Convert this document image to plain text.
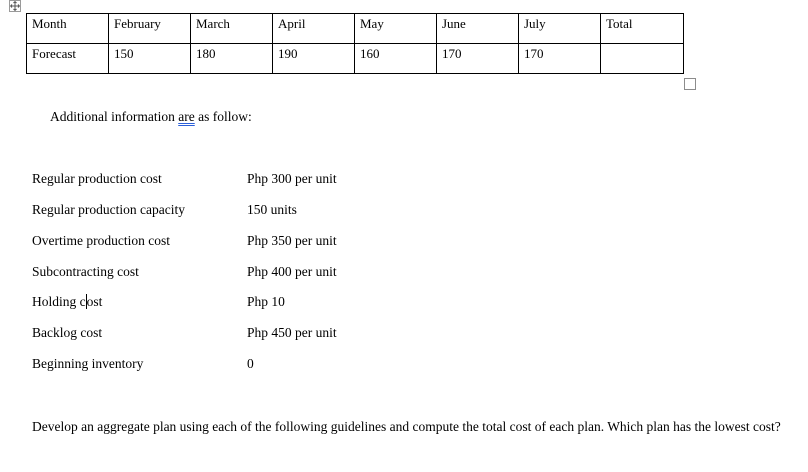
Month	February	March	April	May	June	July	Total
Forecast	150	180	190	160	170	170	
Additional information are as follow:
Regular production cost	Php 300 per unit
Regular production capacity	150 units
Overtime production cost	Php 350 per unit
Subcontracting cost	Php 400 per unit
Holding cost	Php 10
Backlog cost	Php 450 per unit
Beginning inventory	0
Develop an aggregate plan using each of the following guidelines and compute the total cost of each plan. Which plan has the lowest cost?
